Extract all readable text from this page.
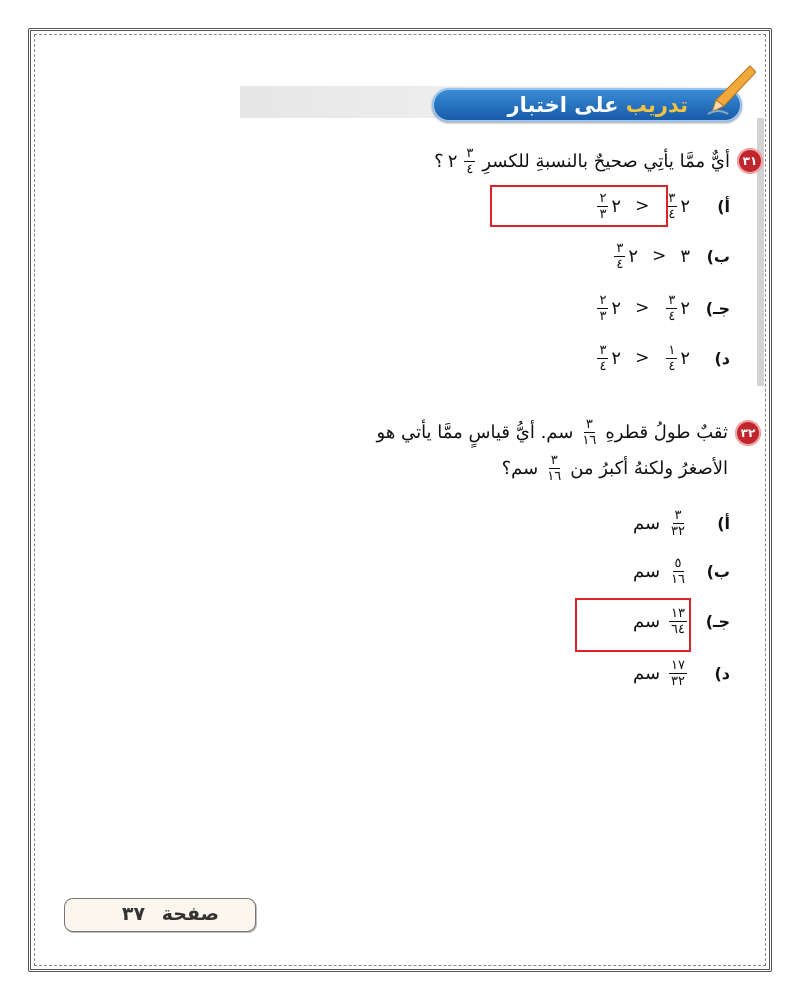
تدريب على اختبار
٣١
أيٌّ ممَّا يأتِي صحيحٌ بالنسبةِ للكسرِ
$\frac{٣}{٤}$
٢
؟
أ)
٢
$\frac{٣}{٤}$
<
٢
$\frac{٢}{٣}$
ب)
٣
<
٢
$\frac{٣}{٤}$
جـ)
٢
$\frac{٣}{٤}$
<
٢
$\frac{٢}{٣}$
د)
٢
$\frac{١}{٤}$
<
٢
$\frac{٣}{٤}$
٣٢
ثقبٌ طولُ قطرهِ
$\frac{٣}{١٦}$
سم. أيُّ قياسٍ ممَّا يأتي هو
الأصغرُ ولكنهُ أكبرُ من
$\frac{٣}{١٦}$
سم؟
أ)
$\frac{٣}{٣٢}$
سم
ب)
$\frac{٥}{١٦}$
سم
جـ)
$\frac{١٣}{٦٤}$
سم
د)
$\frac{١٧}{٣٢}$
سم
صفحة ٣٧
